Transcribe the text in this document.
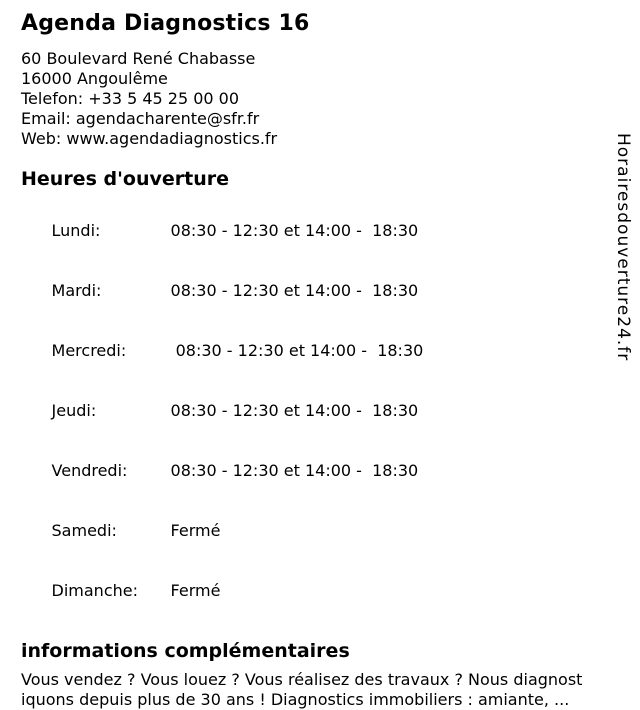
Agenda Diagnostics 16
60 Boulevard René Chabasse
16000 Angoulême
Telefon: +33 5 45 25 00 00
Email: agendacharente@sfr.fr
Web: www.agendadiagnostics.fr
Heures d'ouverture

Lundi:	08:30 - 12:30 et 14:00 -  18:30

Mardi:	08:30 - 12:30 et 14:00 -  18:30

Mercredi:	08:30 - 12:30 et 14:00 -  18:30

Jeudi:	08:30 - 12:30 et 14:00 -  18:30

Vendredi:	08:30 - 12:30 et 14:00 -  18:30

Samedi:	Fermé

Dimanche: Fermé

informations complémentaires
Vous vendez ? Vous louez ? Vous réalisez des travaux ? Nous diagnost
iquons depuis plus de 30 ans ! Diagnostics immobiliers : amiante, ...
Horairesdouverture24.fr
